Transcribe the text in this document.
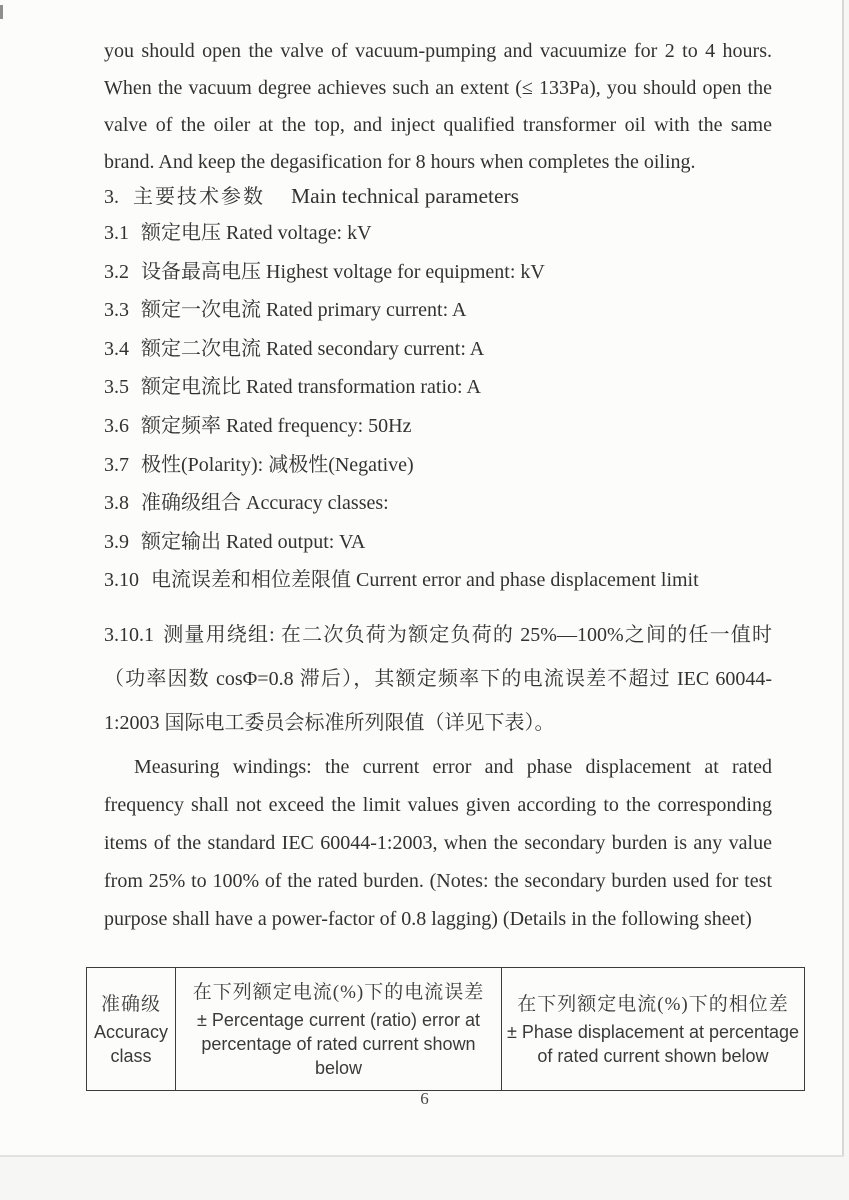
you should open the valve of vacuum-pumping and vacuumize for 2 to 4 hours. When the vacuum degree achieves such an extent (≤ 133Pa), you should open the valve of the oiler at the top, and inject qualified transformer oil with the same brand. And keep the degasification for 8 hours when completes the oiling.

3. 主要技术参数 Main technical parameters
3.1 额定电压 Rated voltage: kV
3.2 设备最高电压 Highest voltage for equipment: kV
3.3 额定一次电流 Rated primary current: A
3.4 额定二次电流 Rated secondary current: A
3.5 额定电流比 Rated transformation ratio: A
3.6 额定频率 Rated frequency: 50Hz
3.7 极性(Polarity): 减极性(Negative)
3.8 准确级组合 Accuracy classes:
3.9 额定输出 Rated output: VA
3.10 电流误差和相位差限值 Current error and phase displacement limit

3.10.1 测量用绕组: 在二次负荷为额定负荷的 25%—100%之间的任一值时（功率因数 cosΦ=0.8 滞后），其额定频率下的电流误差不超过 IEC 60044-1:2003 国际电工委员会标准所列限值（详见下表）。

Measuring windings: the current error and phase displacement at rated frequency shall not exceed the limit values given according to the corresponding items of the standard IEC 60044-1:2003, when the secondary burden is any value from 25% to 100% of the rated burden. (Notes: the secondary burden used for test purpose shall have a power-factor of 0.8 lagging) (Details in the following sheet)

准确级
Accuracy class

在下列额定电流(%)下的电流误差
± Percentage current (ratio) error at percentage of rated current shown below

在下列额定电流(%)下的相位差
± Phase displacement at percentage of rated current shown below
6
